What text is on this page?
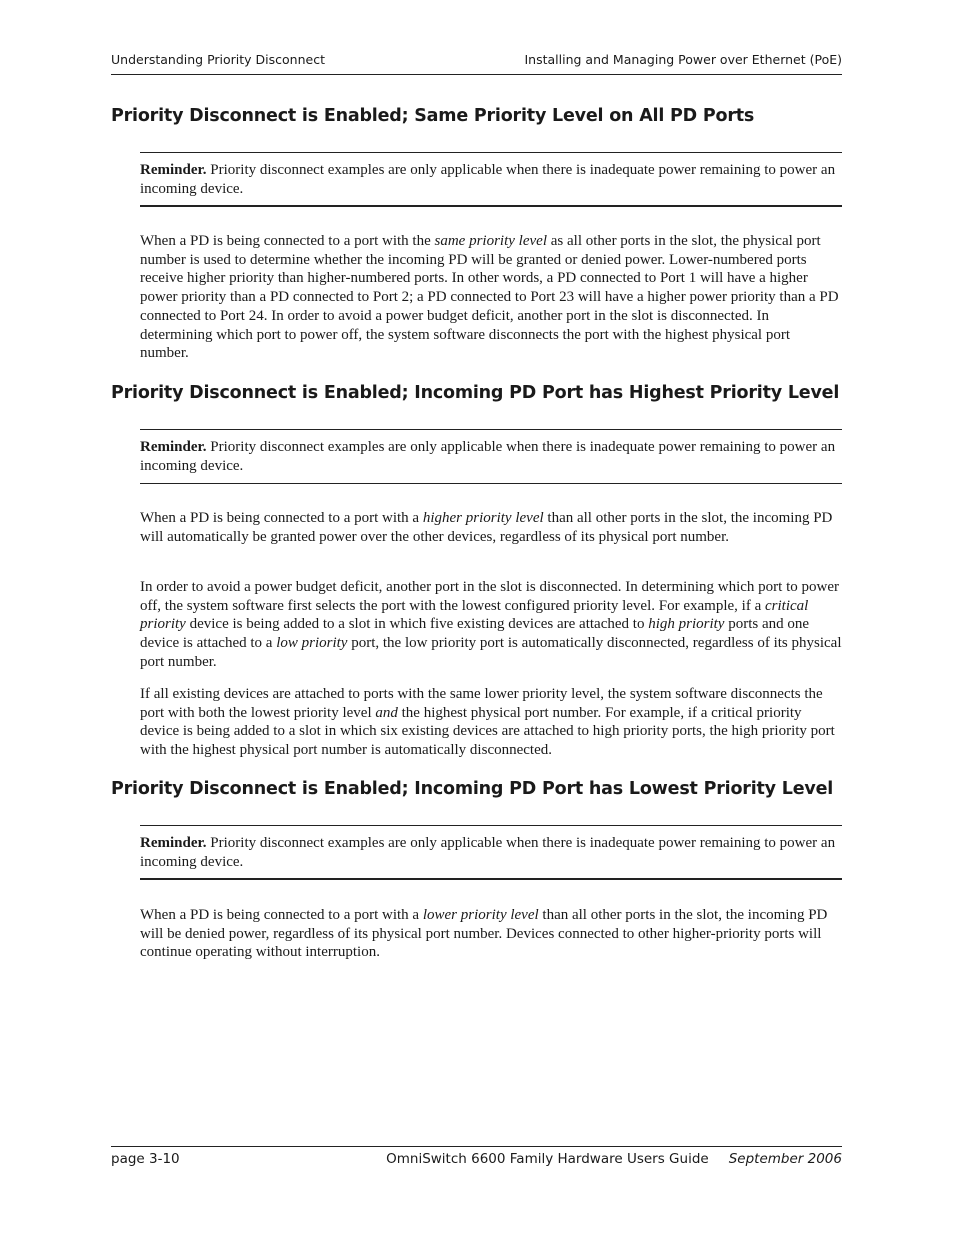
Understanding Priority Disconnect	Installing and Managing Power over Ethernet (PoE)
Priority Disconnect is Enabled; Same Priority Level on All PD Ports

Reminder. Priority disconnect examples are only applicable when there is inadequate power remaining to power an incoming device.

When a PD is being connected to a port with the same priority level as all other ports in the slot, the physical port number is used to determine whether the incoming PD will be granted or denied power. Lower-numbered ports receive higher priority than higher-numbered ports. In other words, a PD connected to Port 1 will have a higher power priority than a PD connected to Port 2; a PD connected to Port 23 will have a higher power priority than a PD connected to Port 24. In order to avoid a power budget deficit, another port in the slot is disconnected. In determining which port to power off, the system software disconnects the port with the highest physical port number.

Priority Disconnect is Enabled; Incoming PD Port has Highest Priority Level

Reminder. Priority disconnect examples are only applicable when there is inadequate power remaining to power an incoming device.

When a PD is being connected to a port with a higher priority level than all other ports in the slot, the incoming PD will automatically be granted power over the other devices, regardless of its physical port number.

In order to avoid a power budget deficit, another port in the slot is disconnected. In determining which port to power off, the system software first selects the port with the lowest configured priority level. For example, if a critical priority device is being added to a slot in which five existing devices are attached to high priority ports and one device is attached to a low priority port, the low priority port is automatically disconnected, regardless of its physical port number.

If all existing devices are attached to ports with the same lower priority level, the system software disconnects the port with both the lowest priority level and the highest physical port number. For example, if a critical priority device is being added to a slot in which six existing devices are attached to high priority ports, the high priority port with the highest physical port number is automatically disconnected.

Priority Disconnect is Enabled; Incoming PD Port has Lowest Priority Level

Reminder. Priority disconnect examples are only applicable when there is inadequate power remaining to power an incoming device.

When a PD is being connected to a port with a lower priority level than all other ports in the slot, the incoming PD will be denied power, regardless of its physical port number. Devices connected to other higher-priority ports will continue operating without interruption.

page 3-10	OmniSwitch 6600 Family Hardware Users Guide September 2006
